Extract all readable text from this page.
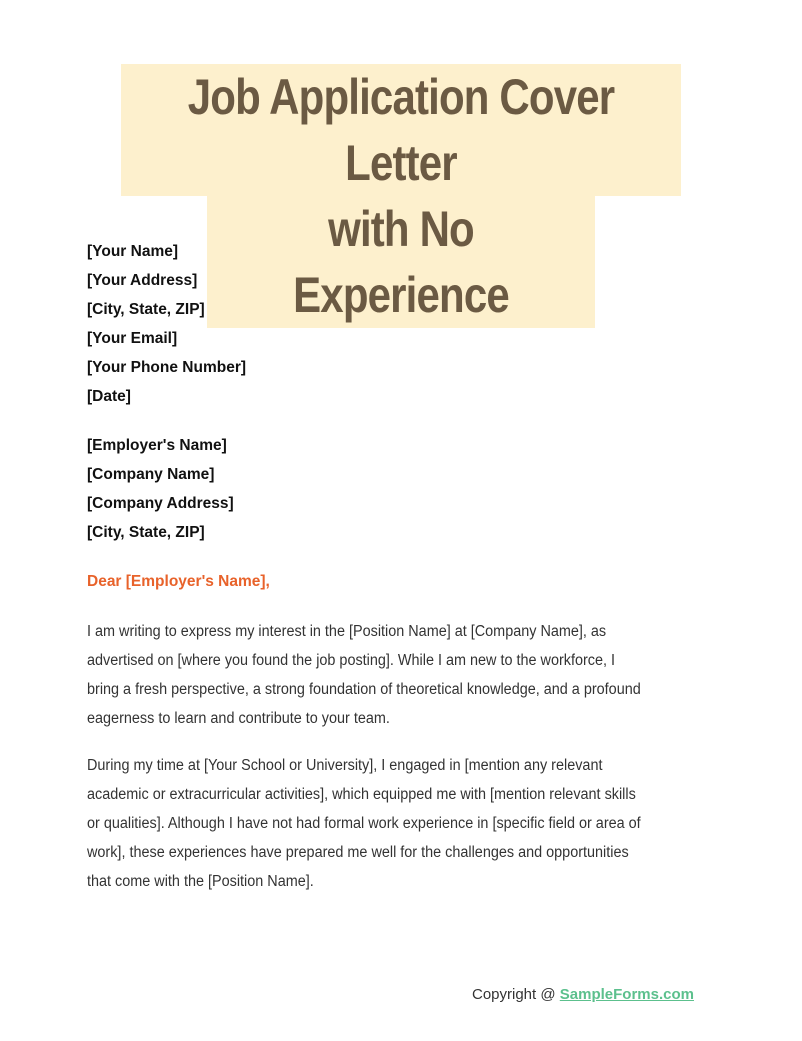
Job Application Cover Letter
with No Experience
[Your Name]
[Your Address]
[City, State, ZIP]
[Your Email]
[Your Phone Number]
[Date]
[Employer's Name]
[Company Name]
[Company Address]
[City, State, ZIP]
Dear [Employer's Name],
I am writing to express my interest in the [Position Name] at [Company Name], as
advertised on [where you found the job posting]. While I am new to the workforce, I
bring a fresh perspective, a strong foundation of theoretical knowledge, and a profound
eagerness to learn and contribute to your team.
During my time at [Your School or University], I engaged in [mention any relevant
academic or extracurricular activities], which equipped me with [mention relevant skills
or qualities]. Although I have not had formal work experience in [specific field or area of
work], these experiences have prepared me well for the challenges and opportunities
that come with the [Position Name].
Copyright @ SampleForms.com
